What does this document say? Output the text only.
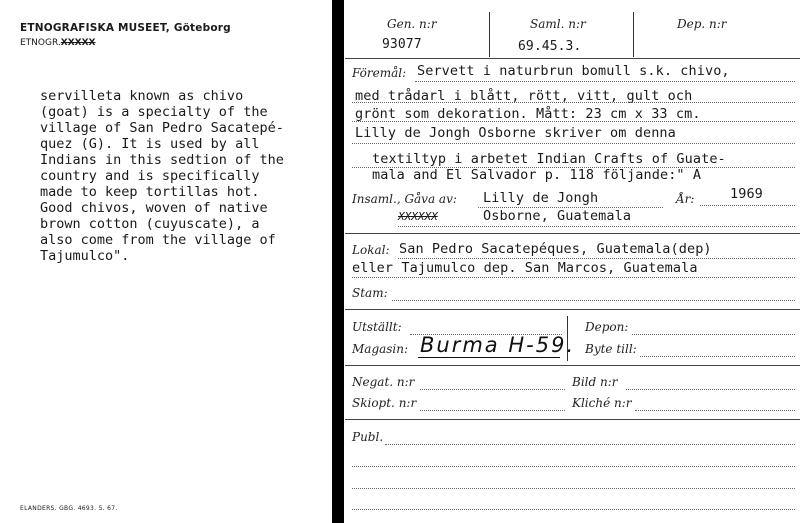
ETNOGRAFISKA MUSEET, Göteborg
ETNOGR.XXXXX
servilleta known as chivo
(goat) is a specialty of the
village of San Pedro Sacatepé-
quez (G). It is used by all
Indians in this sedtion of the
country and is specifically
made to keep tortillas hot.
Good chivos, woven of native
brown cotton (cuyuscate), a
also come from the village of
Tajumulco".
ELANDERS. GBG. 4693. 5. 67.
Gen. n:r
93077
Saml. n:r
69.45.3.
Dep. n:r
Föremål: Servett i naturbrun bomull s.k. chivo,
med trådarl i blått, rött, vitt, gult och
grönt som dekoration. Mått: 23 cm x 33 cm.
Lilly de Jongh Osborne skriver om denna
textiltyp i arbetet Indian Crafts of Guate-
mala and El Salvador p. 118 följande:" A
Insaml., Gåva av: Lilly de Jongh	År:	1969
XXXXXX	Osborne, Guatemala
Lokal: San Pedro Sacatepéques, Guatemala(dep)
eller Tajumulco dep. San Marcos, Guatemala
Stam:
Utställt:	Depon:
Magasin: Burma H-59. Byte till:
Negat. n:r	Bild n:r
Skiopt. n:r	Kliché n:r
Publ.
